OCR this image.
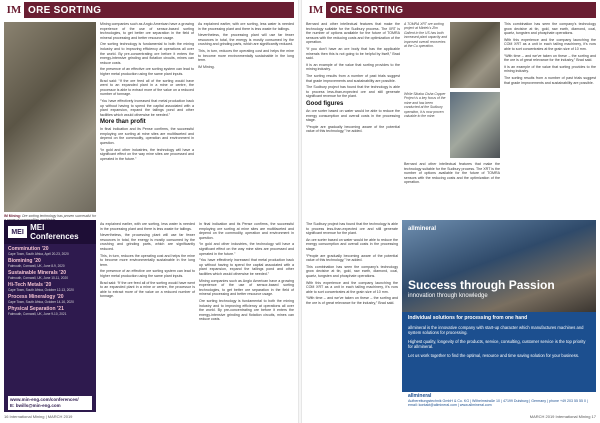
IM ORE SORTING

IM Mining: Ore sorting technology has proven successful for

Mining companies such as Anglo American have a growing experience of the use of sensor-based sorting technologies, to get better ore separation in the field of mineral processing and better resource usage.

Ore sorting technology is fundamental to both the mining industry and to improving efficiency at operations all over the world. By pre-concentrating ore before it enters the energy-intensive grinding and flotation circuits, mines can reduce costs.

the presence of an effective ore sorting system can lead to higher metal production using the same plant inputs.

Brad said: “If the ore feed all of the sorting would have went to an expanded plant in a mine or centre, the processor is able to extract more of the value on a reduced number of tonnage.

“You have effectively increased that metal production back up without having to spend the capital associated with a plant expansion, expand the tailings pond and other facilities which would otherwise be needed.”

More than profit

In final indication and its Pense confirms, the successful employing ore sorting at mine sites are multifaceted and depend on the commodity, operation and environment in question.

“In gold and other industries, the technology will have a significant effect on the way mine sites are processed and operated in the future.”

As explained earlier, with ore sorting, less water is needed in the processing plant and there is less waste for tailings.

Nevertheless, the processing plant will use far fewer resources in total, the energy is mostly consumed by the crushing and grinding parts, which are significantly reduced.

This, in turn, reduces the operating cost and helps the mine to become more environmentally sustainable in the long term.

IM Mining.

MEI MEI Conferences
Comminution ’20
Cape Town, South Africa, April 20-23, 2020
Biomining ’20
Falmouth, Cornwall, UK, June 8-9, 2020
Sustainable Minerals ’20
Falmouth, Cornwall, UK, June 10-11, 2020
Hi-Tech Metals ’20
Cape Town, South Africa, October 12-13, 2020
Process Mineralogy ’20
Cape Town, South Africa, October 14-16, 2020
Physical Separation ’21
Falmouth, Cornwall, UK, June 9-10, 2021
www.min-eng.com/conferences/
E: bwills@min-eng.com

As explained earlier, with ore sorting, less water is needed in the processing plant and there is less waste for tailings.

Nevertheless, the processing plant will use far fewer resources in total, the energy is mostly consumed by the crushing and grinding parts, which are significantly reduced.

This, in turn, reduces the operating cost and helps the mine to become more environmentally sustainable in the long term.

the presence of an effective ore sorting system can lead to higher metal production using the same plant inputs.

Brad said: “If the ore feed all of the sorting would have went to an expanded plant in a mine or centre, the processor is able to extract more of the value on a reduced number of tonnage.

In final indication and its Pense confirms, the successful employing ore sorting at mine sites are multifaceted and depend on the commodity, operation and environment in question.

“In gold and other industries, the technology will have a significant effect on the way mine sites are processed and operated in the future.”

“You have effectively increased that metal production back up without having to spend the capital associated with a plant expansion, expand the tailings pond and other facilities which would otherwise be needed.”

Mining companies such as Anglo American have a growing experience of the use of sensor-based sorting technologies, to get better ore separation in the field of mineral processing and better resource usage.

Ore sorting technology is fundamental to both the mining industry and to improving efficiency at operations all over the world. By pre-concentrating ore before it enters the energy-intensive grinding and flotation circuits, mines can reduce costs.

16 International Mining | MARCH 2019
IM ORE SORTING

Bernard and other intellectual features that make the technology suitable for the Sudbury process. The XRT is the number of options available for the future of TOMRA sensors with the reducing costs and the optimization of the operation.

“If you don’t have an ore body that has the applicable minerals then this is not going to be helpful by itself,” Brad said.

it is an example of the value that sorting provides to the mining industry.

The sorting results from a number of past trials suggest that grade improvements and sustainability are possible.

The Sudbury project has found that the technology is able to process less-than-expected ore and still generate significant revenue for the plant.

Good figures

An ore sorter based on water would be able to reduce the energy consumption and overall costs in the processing stage.

“People are gradually becoming aware of the potential value of this technology,” he added.

A TOMRA XRT ore sorting project at Mintek’s Zim Gallent in the US has both increased plant capacity and improved overall recoveries at the Cu operation.
While Sibaka Cisha Copper Project is a key focus of the mine and has been conducted at the Sudbury operation, it is now proven valuable to the mine.

Bernard and other intellectual features that make the technology suitable for the Sudbury process. The XRT is the number of options available for the future of TOMRA sensors with the reducing costs and the optimization of the operation.

This combination has seen the company’s technology grow decisive at tin, gold, raw earth, diamond, coal, quartz, tungsten and phosphate operations.

With this experience and the company launching the COM XRT as a unit in each tailing machinery, it’s now able to sort concentrates at the grain size of 10 mm.

“With time – and we’ve taken on these – the sorting and the ore is of great relevance for the industry,” Brad said.

it is an example of the value that sorting provides to the mining industry.

The sorting results from a number of past trials suggest that grade improvements and sustainability are possible.

The Sudbury project has found that the technology is able to process less-than-expected ore and still generate significant revenue for the plant.

An ore sorter based on water would be able to reduce the energy consumption and overall costs in the processing stage.

“People are gradually becoming aware of the potential value of this technology,” he added.

This combination has seen the company’s technology grow decisive at tin, gold, raw earth, diamond, coal, quartz, tungsten and phosphate operations.

With this experience and the company launching the COM XRT as a unit in each tailing machinery, it’s now able to sort concentrates at the grain size of 10 mm.

“With time – and we’ve taken on these – the sorting and the ore is of great relevance for the industry,” Brad said.

allmineral
Success through Passion
innovation through knowledge

Individual solutions for processing from one hand

allmineral is the innovative company with start-up character which manufactures machines and system solutions for processing.

Highest quality, longevity of the products, service, consulting, customer service is the top priority for allmineral.

Let us work together to find the optimal, resource and time saving solution for your business.

allmineral
Aufbereitungstechnik GmbH & Co. KG | Wilhelmstraße 10 | 47199 Duisburg | Germany | phone +49 203 55 55 0 | email: kontakt@allmineral.com | www.allmineral.com
MARCH 2019 International Mining 17
